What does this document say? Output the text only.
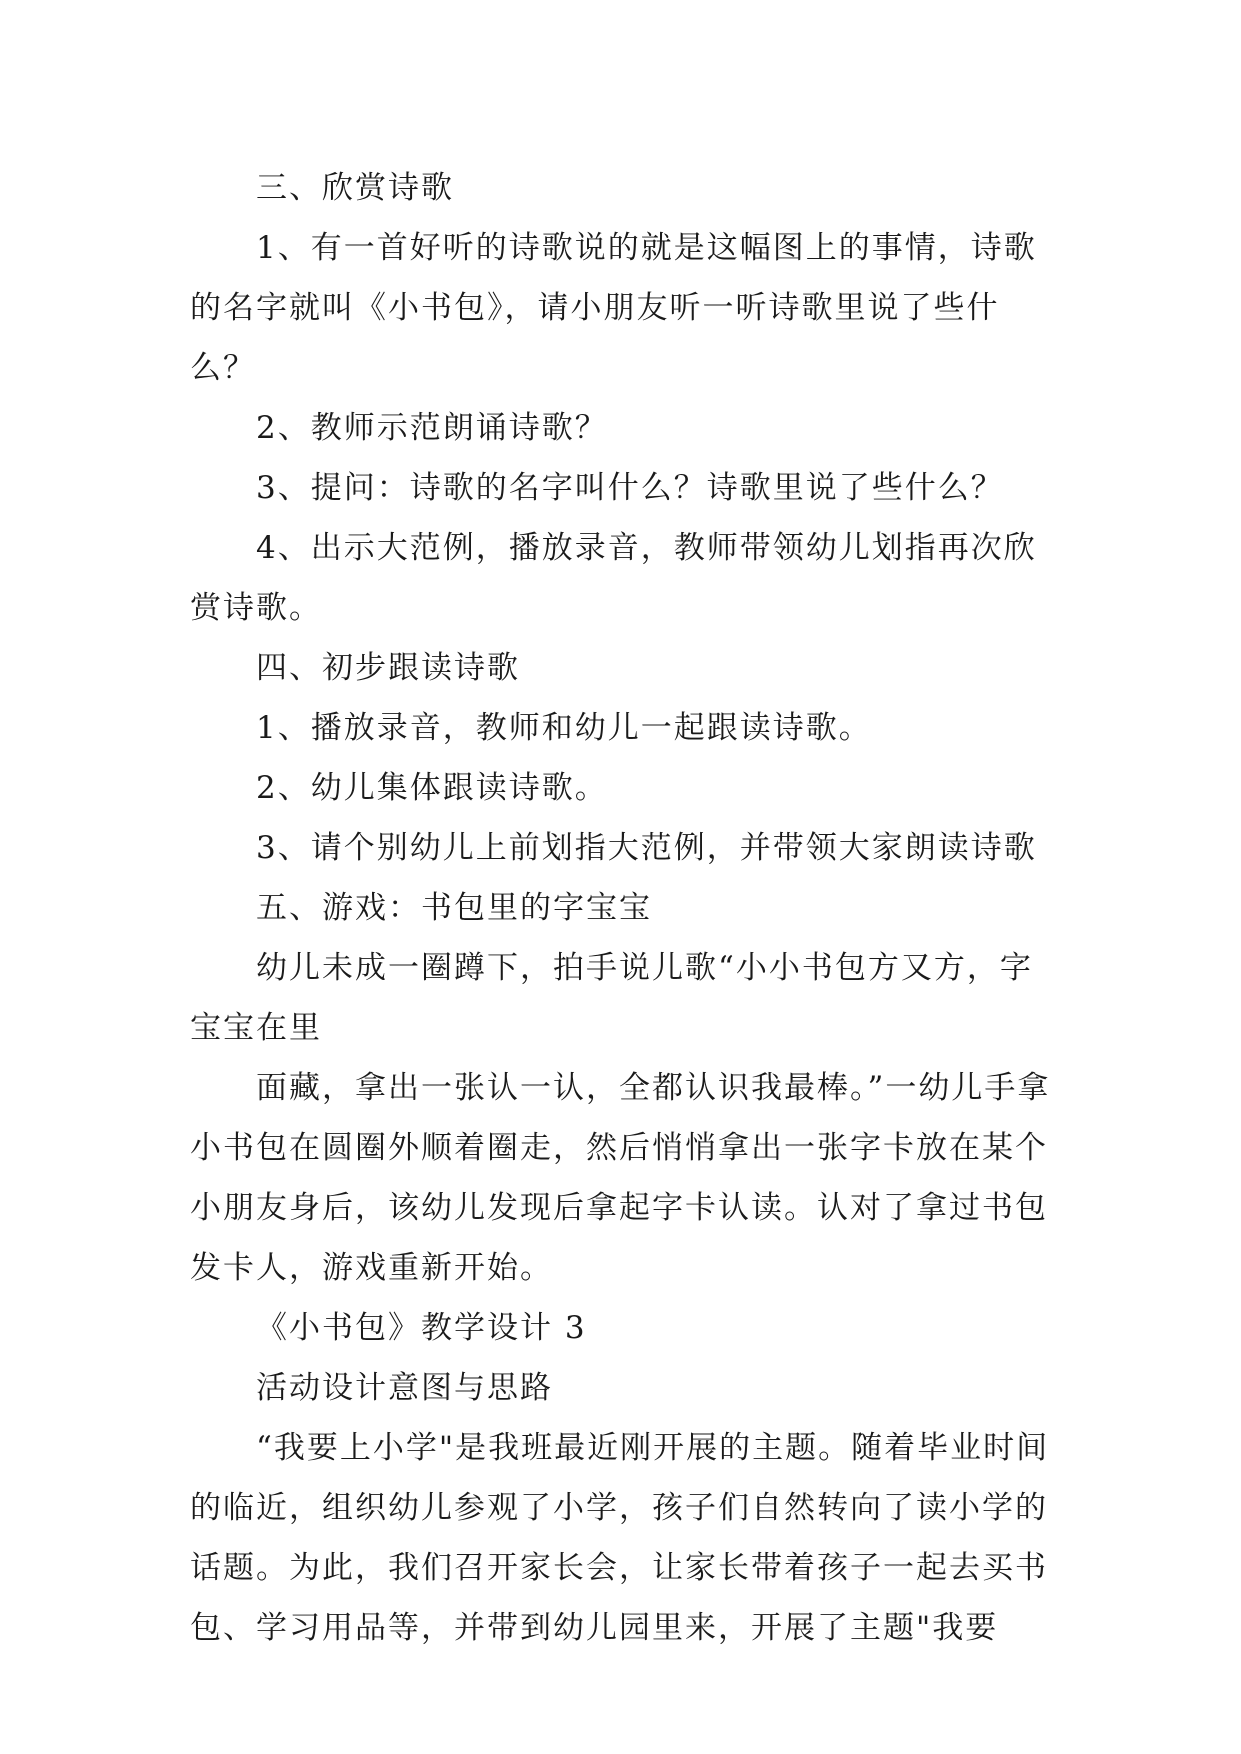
三、欣赏诗歌

1、有一首好听的诗歌说的就是这幅图上的事情，诗歌的名字就叫《小书包》，请小朋友听一听诗歌里说了些什么？

2、教师示范朗诵诗歌？

3、提问：诗歌的名字叫什么？诗歌里说了些什么？

4、出示大范例，播放录音，教师带领幼儿划指再次欣赏诗歌。

四、初步跟读诗歌

1、播放录音，教师和幼儿一起跟读诗歌。

2、幼儿集体跟读诗歌。

3、请个别幼儿上前划指大范例，并带领大家朗读诗歌

五、游戏：书包里的字宝宝

幼儿未成一圈蹲下，拍手说儿歌“小小书包方又方，字宝宝在里

面藏，拿出一张认一认，全都认识我最棒。”一幼儿手拿小书包在圆圈外顺着圈走，然后悄悄拿出一张字卡放在某个小朋友身后，该幼儿发现后拿起字卡认读。认对了拿过书包发卡人，游戏重新开始。

《小书包》教学设计 3

活动设计意图与思路

“我要上小学"是我班最近刚开展的主题。随着毕业时间的临近，组织幼儿参观了小学，孩子们自然转向了读小学的话题。为此，我们召开家长会，让家长带着孩子一起去买书包、学习用品等，并带到幼儿园里来，开展了主题"我要
